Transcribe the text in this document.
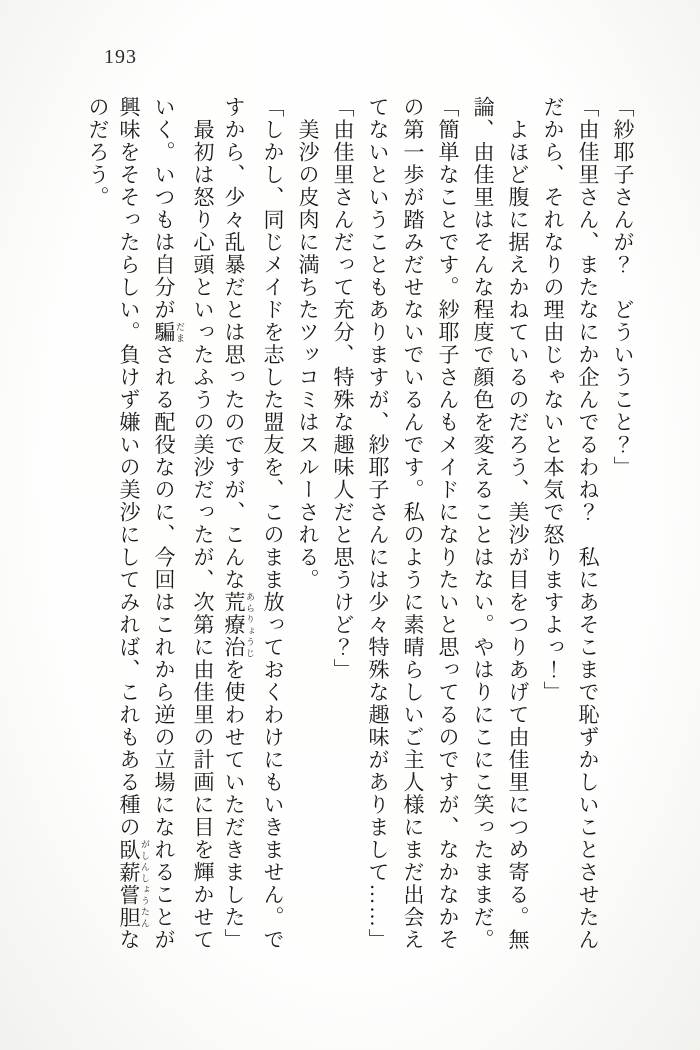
193
「紗耶子さんが？　どういうこと？」
「由佳里さん、またなにか企んでるわね？　私にあそこまで恥ずかしいことさせたん
だから、それなりの理由じゃないと本気で怒りますよっ！」
　よほど腹に据えかねているのだろう、美沙が目をつりあげて由佳里につめ寄る。無
論、由佳里はそんな程度で顔色を変えることはない。やはりにこにこ笑ったままだ。
「簡単なことです。紗耶子さんもメイドになりたいと思ってるのですが、なかなかそ
の第一歩が踏みだせないでいるんです。私のように素晴らしいご主人様にまだ出会え
てないということもありますが、紗耶子さんには少々特殊な趣味がありまして……」
「由佳里さんだって充分、特殊な趣味人だと思うけど？」
　美沙の皮肉に満ちたツッコミはスルーされる。
「しかし、同じメイドを志した盟友を、このまま放っておくわけにもいきません。で
すから、少々乱暴だとは思ったのですが、こんな荒療治 あらりょうじを使わせていただきました」
　最初は怒り心頭といったふうの美沙だったが、次第に由佳里の計画に目を輝かせて
いく。いつもは自分が騙 だまされる配役なのに、今回はこれから逆の立場になれることが
興味をそそったらしい。負けず嫌いの美沙にしてみれば、これもある種の臥薪嘗胆 がしんしょうたんな
のだろう。
